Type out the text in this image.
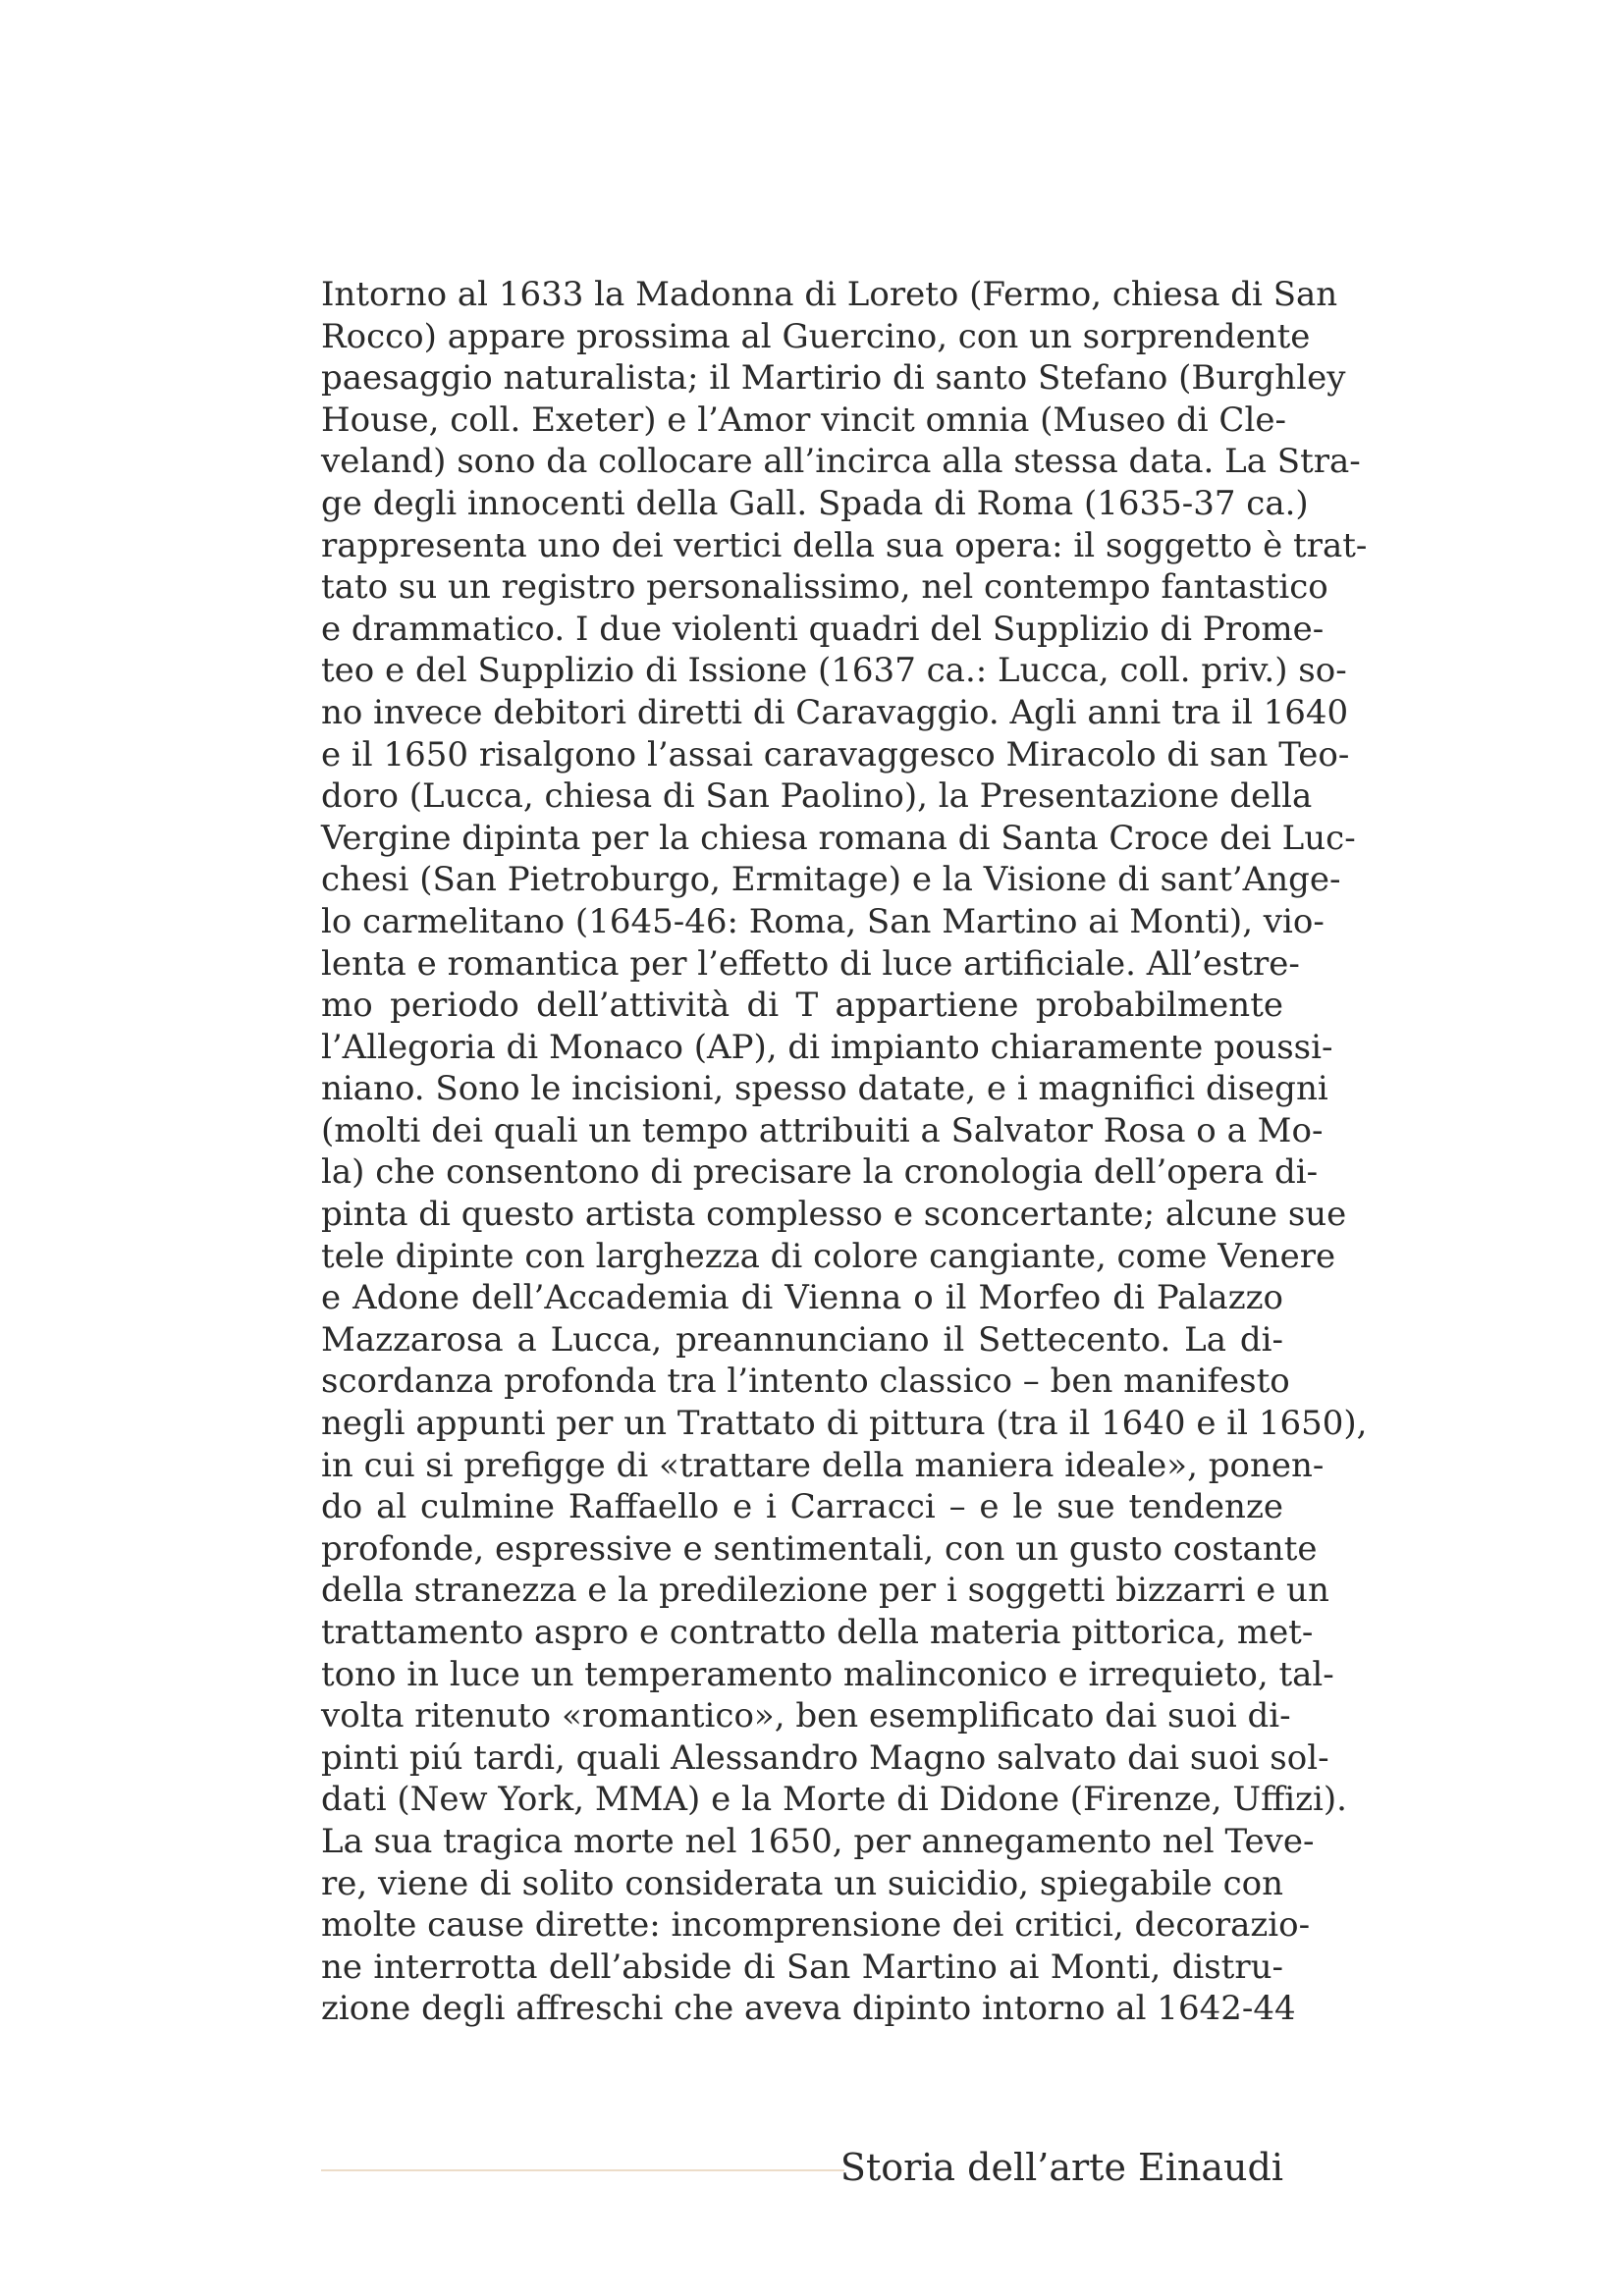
Intorno al 1633 la Madonna di Loreto (Fermo, chiesa di San
Rocco) appare prossima al Guercino, con un sorprendente
paesaggio naturalista; il Martirio di santo Stefano (Burghley
House, coll. Exeter) e l’Amor vincit omnia (Museo di Cle-
veland) sono da collocare all’incirca alla stessa data. La Stra-
ge degli innocenti della Gall. Spada di Roma (1635-37 ca.)
rappresenta uno dei vertici della sua opera: il soggetto è trat-
tato su un registro personalissimo, nel contempo fantastico
e drammatico. I due violenti quadri del Supplizio di Prome-
teo e del Supplizio di Issione (1637 ca.: Lucca, coll. priv.) so-
no invece debitori diretti di Caravaggio. Agli anni tra il 1640
e il 1650 risalgono l’assai caravaggesco Miracolo di san Teo-
doro (Lucca, chiesa di San Paolino), la Presentazione della
Vergine dipinta per la chiesa romana di Santa Croce dei Luc-
chesi (San Pietroburgo, Ermitage) e la Visione di sant’Ange-
lo carmelitano (1645-46: Roma, San Martino ai Monti), vio-
lenta e romantica per l’effetto di luce artificiale. All’estre-
mo periodo dell’attività di T appartiene probabilmente
l’Allegoria di Monaco (AP), di impianto chiaramente poussi-
niano. Sono le incisioni, spesso datate, e i magnifici disegni
(molti dei quali un tempo attribuiti a Salvator Rosa o a Mo-
la) che consentono di precisare la cronologia dell’opera di-
pinta di questo artista complesso e sconcertante; alcune sue
tele dipinte con larghezza di colore cangiante, come Venere
e Adone dell’Accademia di Vienna o il Morfeo di Palazzo
Mazzarosa a Lucca, preannunciano il Settecento. La di-
scordanza profonda tra l’intento classico – ben manifesto
negli appunti per un Trattato di pittura (tra il 1640 e il 1650),
in cui si prefigge di «trattare della maniera ideale», ponen-
do al culmine Raffaello e i Carracci – e le sue tendenze
profonde, espressive e sentimentali, con un gusto costante
della stranezza e la predilezione per i soggetti bizzarri e un
trattamento aspro e contratto della materia pittorica, met-
tono in luce un temperamento malinconico e irrequieto, tal-
volta ritenuto «romantico», ben esemplificato dai suoi di-
pinti piú tardi, quali Alessandro Magno salvato dai suoi sol-
dati (New York, MMA) e la Morte di Didone (Firenze, Uffizi).
La sua tragica morte nel 1650, per annegamento nel Teve-
re, viene di solito considerata un suicidio, spiegabile con
molte cause dirette: incomprensione dei critici, decorazio-
ne interrotta dell’abside di San Martino ai Monti, distru-
zione degli affreschi che aveva dipinto intorno al 1642-44
Storia dell’arte Einaudi
